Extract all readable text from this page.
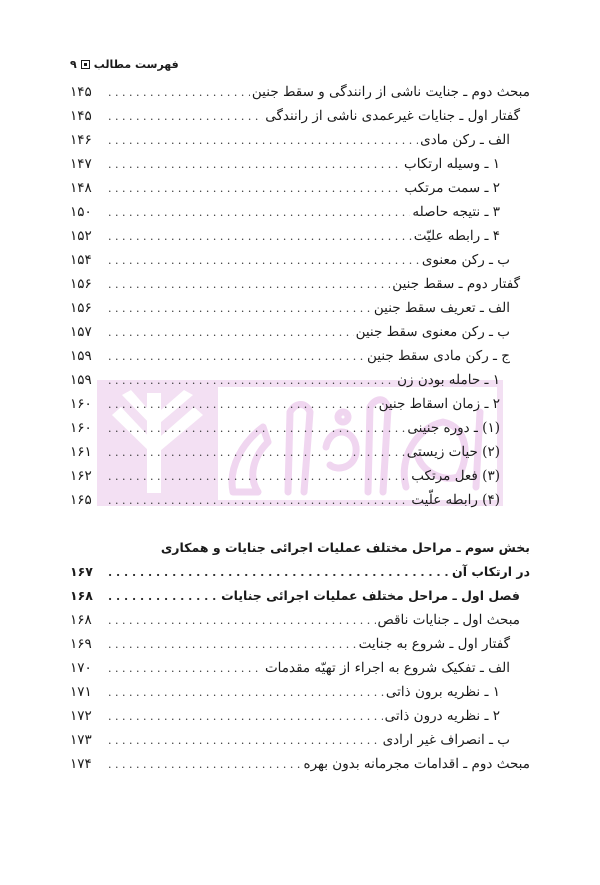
فهرست مطالب
۹
مبحث دوم ـ جنایت ناشی از رانندگی و سقط جنین
. . .
۱۴۵
گفتار اول ـ جنایات غیرعمدی ناشی از رانندگی
. . .
۱۴۵
الف ـ رکن مادی
. . .
۱۴۶
۱ ـ وسیله ارتکاب
. . .
۱۴۷
۲ ـ سمت مرتکب
. . .
۱۴۸
۳ ـ نتیجه حاصله
. . .
۱۵۰
۴ ـ رابطه علیّت
. . .
۱۵۲
ب ـ رکن معنوی
. . .
۱۵۴
گفتار دوم ـ سقط جنین
. . .
۱۵۶
الف ـ تعریف سقط جنین
. . .
۱۵۶
ب ـ رکن معنوی سقط جنین
. . .
۱۵۷
ج ـ رکن مادی سقط جنین
. . .
۱۵۹
۱ ـ حامله بودن زن
. . .
۱۵۹
۲ ـ زمان اسقاط جنین
. . .
۱۶۰
(۱) ـ دوره جنینی
. . .
۱۶۰
(۲) حیات زیستی
. . .
۱۶۱
(۳) فعل مرتکب
. . .
۱۶۲
(۴) رابطه علّیت
. . .
۱۶۵
بخش سوم ـ مراحل مختلف عملیات اجرائی جنایات و همکاری
در ارتکاب آن
. . .
۱۶۷
فصل اول ـ مراحل مختلف عملیات اجرائی جنایات
. . .
۱۶۸
مبحث اول ـ جنایات ناقص
. . .
۱۶۸
گفتار اول ـ شروع به جنایت
. . .
۱۶۹
الف ـ تفکیک شروع به اجراء از تهیّه مقدمات
. . .
۱۷۰
۱ ـ نظریه برون ذاتی
. . .
۱۷۱
۲ ـ نظریه درون ذاتی
. . .
۱۷۲
ب ـ انصراف غیر ارادی
. . .
۱۷۳
مبحث دوم ـ اقدامات مجرمانه بدون بهره
. . .
۱۷۴
